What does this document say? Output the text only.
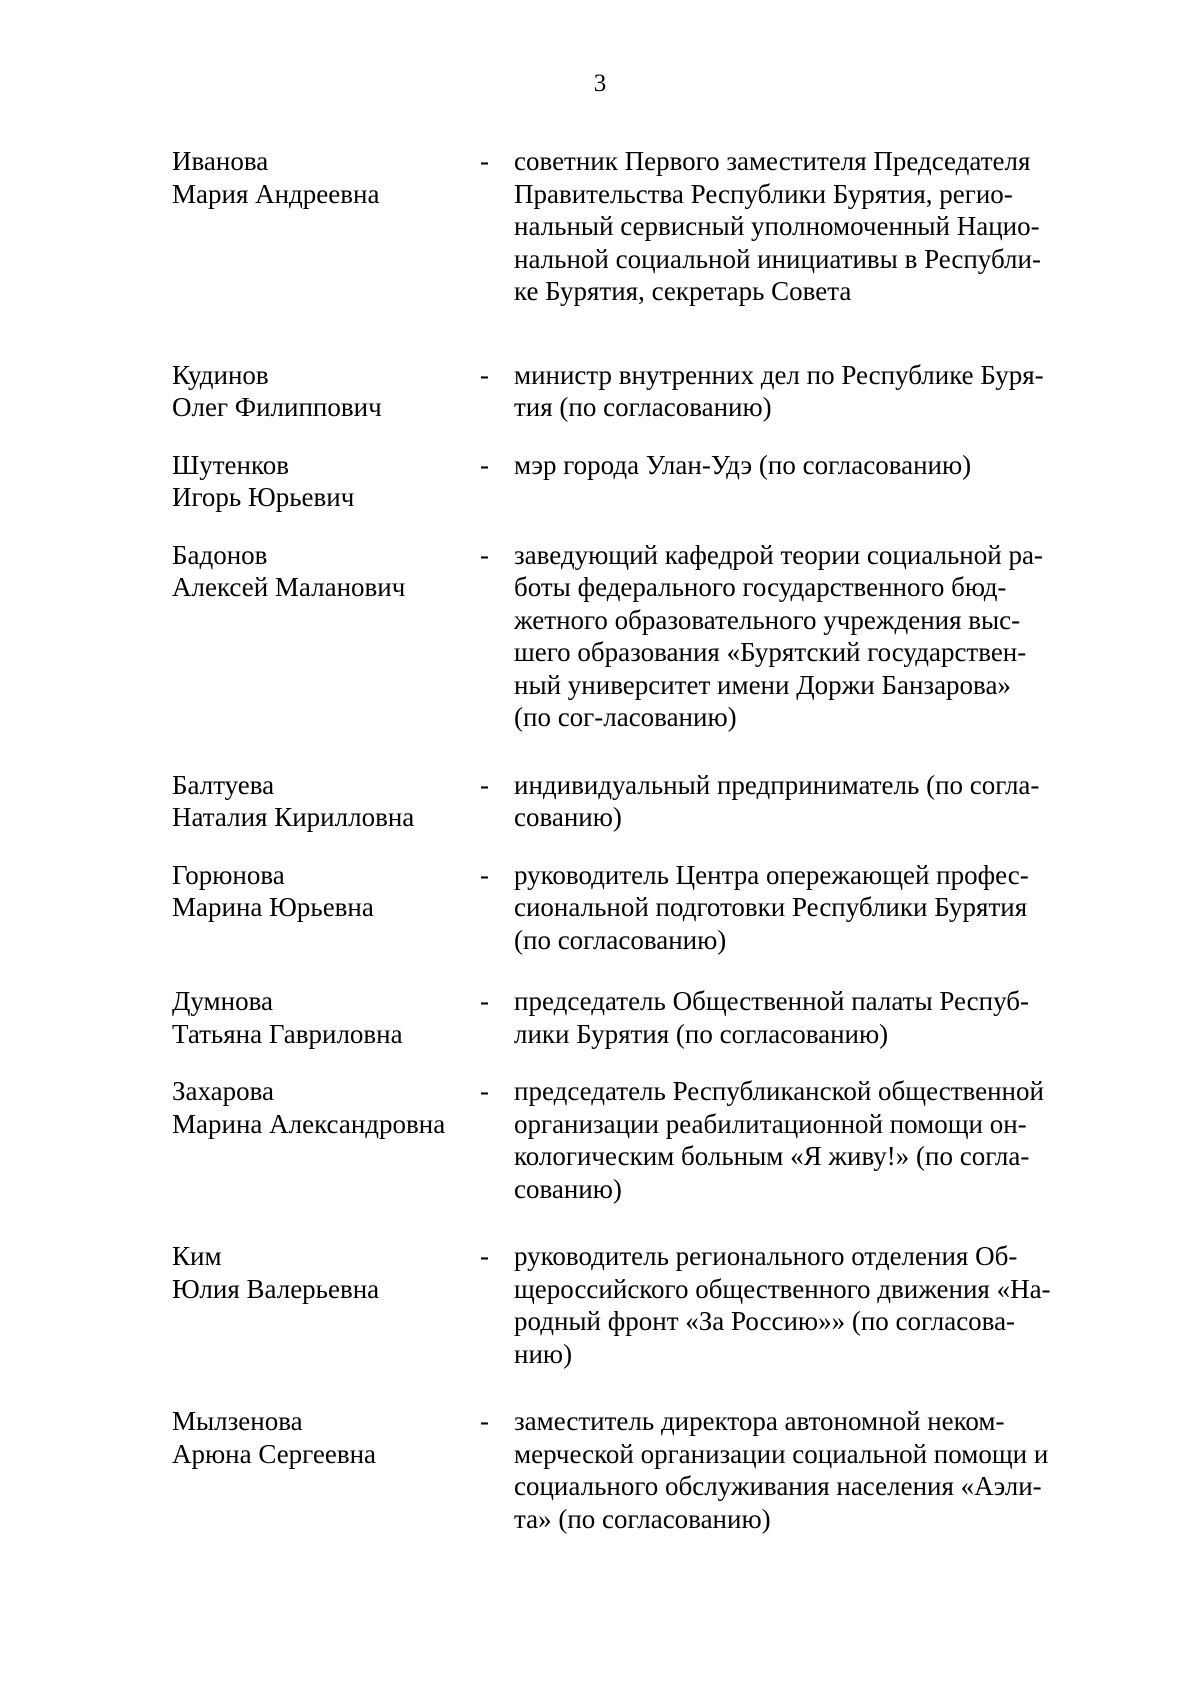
3
Иванова
Мария Андреевна
- советник Первого заместителя Председателя
Правительства Республики Бурятия, регио-
нальный сервисный уполномоченный Нацио-
нальной социальной инициативы в Республи-
ке Бурятия, секретарь Совета
Кудинов
Олег Филиппович
- министр внутренних дел по Республике Буря-
тия (по согласованию)
Шутенков
Игорь Юрьевич
- мэр города Улан-Удэ (по согласованию)
Бадонов
Алексей Маланович
- заведующий кафедрой теории социальной ра-
боты федерального государственного бюд-
жетного образовательного учреждения выс-
шего образования «Бурятский государствен-
ный университет имени Доржи Банзарова»
(по сог-ласованию)
Балтуева
Наталия Кирилловна
- индивидуальный предприниматель (по согла-
сованию)
Горюнова
Марина Юрьевна
- руководитель Центра опережающей профес-
сиональной подготовки Республики Бурятия
(по согласованию)
Думнова
Татьяна Гавриловна
- председатель Общественной палаты Респуб-
лики Бурятия (по согласованию)
Захарова
Марина Александровна
- председатель Республиканской общественной
организации реабилитационной помощи он-
кологическим больным «Я живу!» (по согла-
сованию)
Ким
Юлия Валерьевна
- руководитель регионального отделения Об-
щероссийского общественного движения «На-
родный фронт «За Россию»» (по согласова-
нию)
Мылзенова
Арюна Сергеевна
- заместитель директора автономной неком-
мерческой организации социальной помощи и
социального обслуживания населения «Аэли-
та» (по согласованию)
